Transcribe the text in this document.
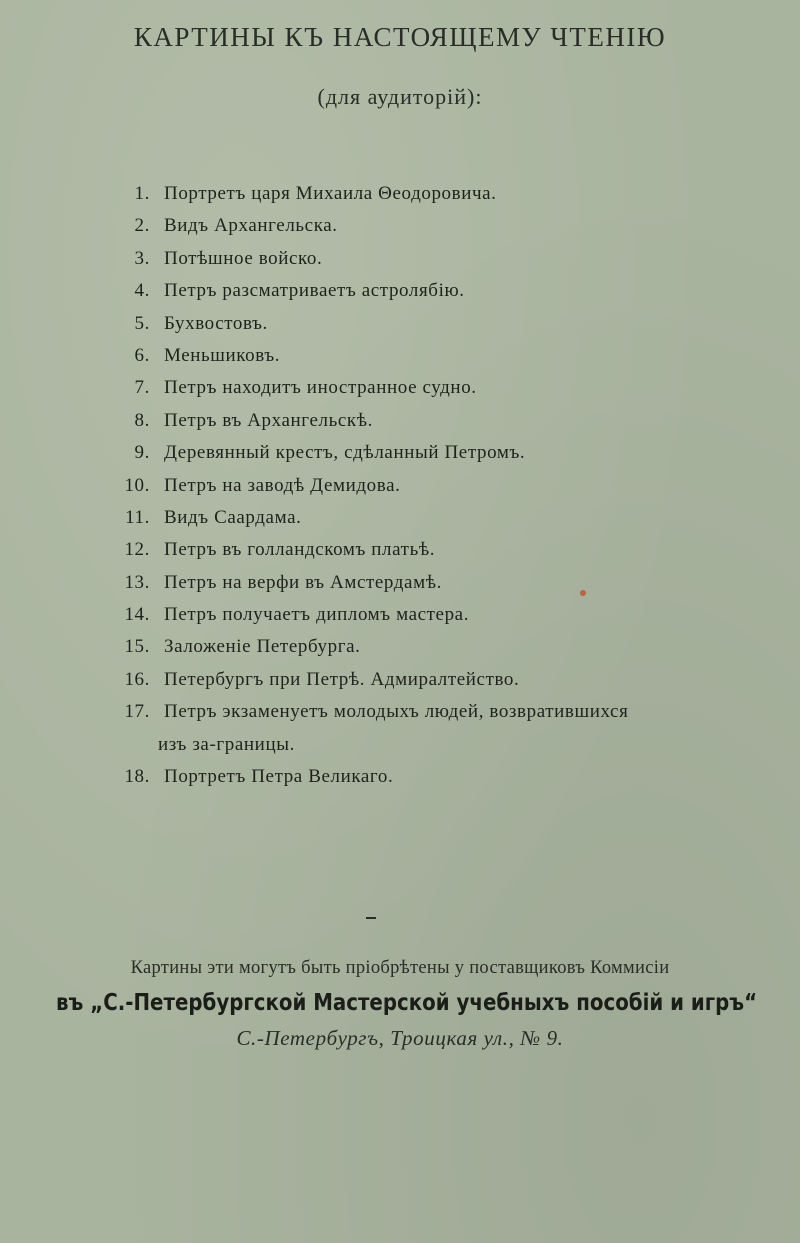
КАРТИНЫ КЪ НАСТОЯЩЕМУ ЧТЕНІЮ
(для аудиторій):
1. Портретъ царя Михаила Θеодоровича.
2. Видъ Архангельска.
3. Потѣшное войско.
4. Петръ разсматриваетъ астролябію.
5. Бухвостовъ.
6. Меньшиковъ.
7. Петръ находитъ иностранное судно.
8. Петръ въ Архангельскѣ.
9. Деревянный крестъ, сдѣланный Петромъ.
10. Петръ на заводѣ Демидова.
11. Видъ Саардама.
12. Петръ въ голландскомъ платьѣ.
13. Петръ на верфи въ Амстердамѣ.
14. Петръ получаетъ дипломъ мастера.
15. Заложеніе Петербурга.
16. Петербургъ при Петрѣ. Адмиралтейство.
17. Петръ экзаменуетъ молодыхъ людей, возвратившихся
изъ за-границы.
18. Портретъ Петра Великаго.
Картины эти могутъ быть пріобрѣтены у поставщиковъ Коммисіи
въ „С.-Петербургской Мастерской учебныхъ пособій и игръ“
С.-Петербургъ, Троицкая ул., № 9.
